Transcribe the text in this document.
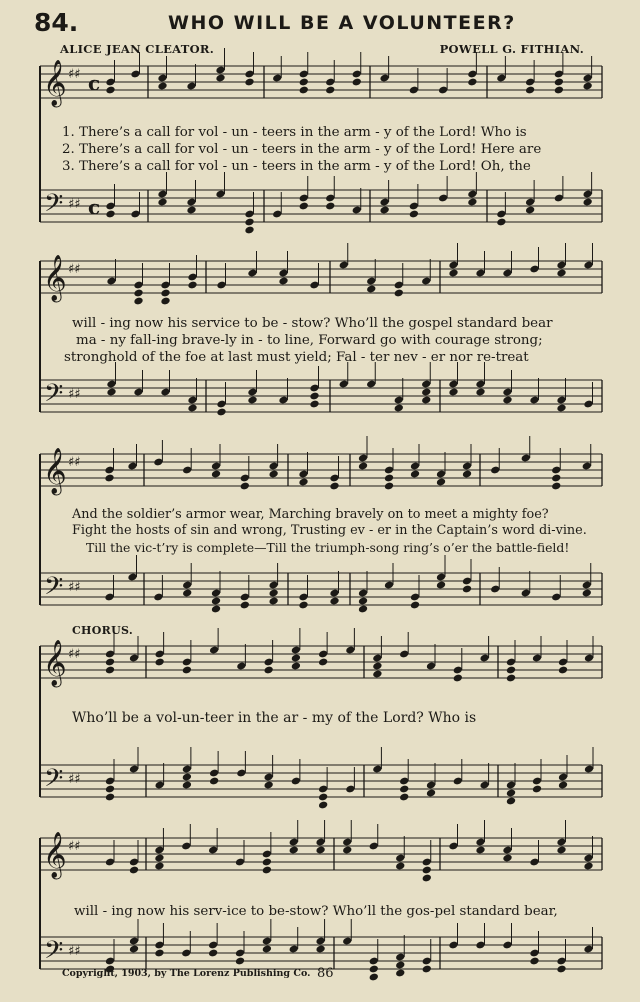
𝄞 ♯♯
𝄢 ♯♯
c
c
𝄞 ♯♯
𝄢 ♯♯
𝄞 ♯♯
𝄢 ♯♯
𝄞 ♯♯
𝄢 ♯♯
𝄞 ♯♯
𝄢 ♯♯
84.	WHO WILL BE A VOLUNTEER?
ALICE JEAN CLEATOR.	POWELL G. FITHIAN.
1. There’s a call for vol - un - teers in the arm - y of the Lord! Who is
2. There’s a call for vol - un - teers in the arm - y of the Lord! Here are
3. There’s a call for vol - un - teers in the arm - y of the Lord! Oh, the
will - ing now his service to be - stow? Who’ll the gospel standard bear
ma - ny fall-ing brave-ly in - to line, Forward go with courage strong;
stronghold of the foe at last must yield; Fal - ter nev - er nor re-treat
And the soldier’s armor wear, Marching bravely on to meet a mighty foe?
Fight the hosts of sin and wrong, Trusting ev - er in the Captain’s word di-vine.
Till the vic-t’ry is complete—Till the triumph-song ring’s o’er the battle-field!
CHORUS.
Who’ll be a vol-un-teer in the ar - my of the Lord? Who is
will - ing now his serv-ice to be-stow? Who’ll the gos-pel standard bear,
Copyright, 1903, by The Lorenz Publishing Co. 86
